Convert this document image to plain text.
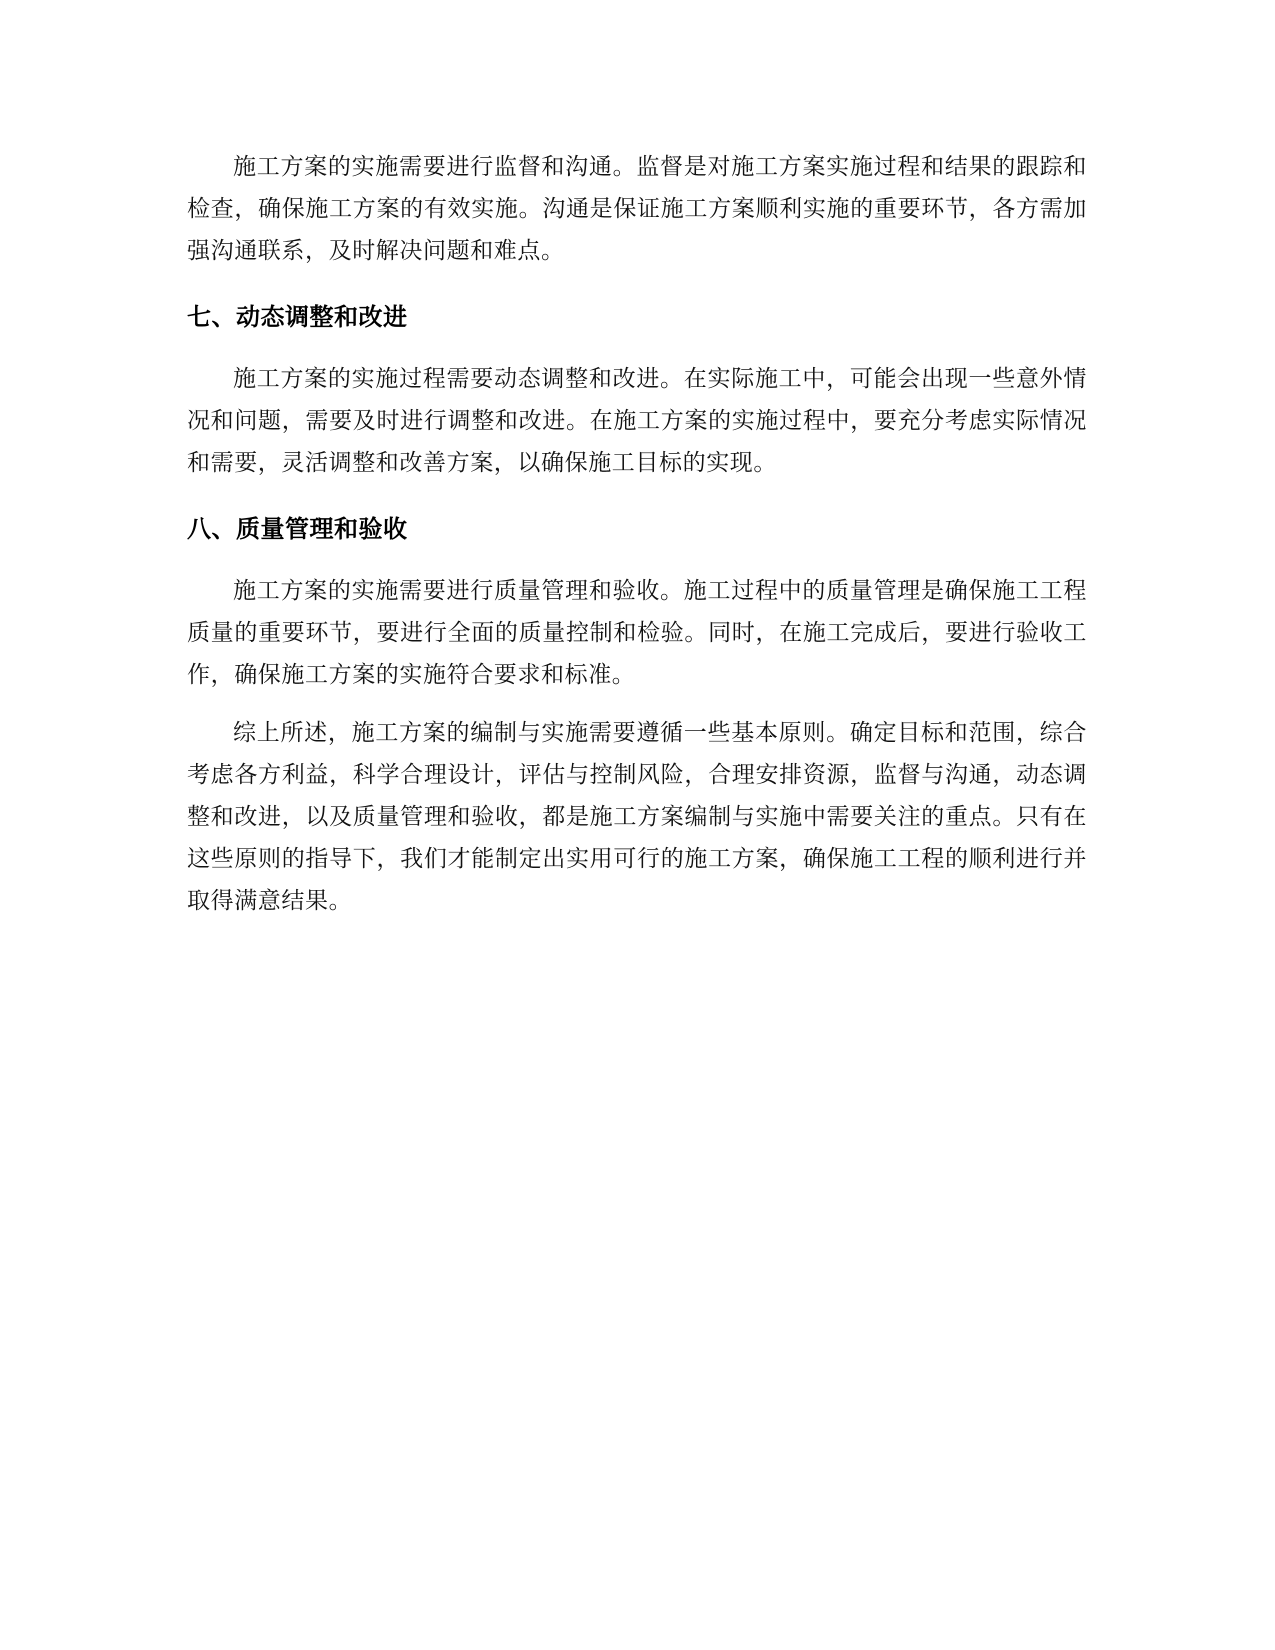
施工方案的实施需要进行监督和沟通。监督是对施工方案实施过程和结果的跟踪和检查，确保施工方案的有效实施。沟通是保证施工方案顺利实施的重要环节，各方需加强沟通联系，及时解决问题和难点。

七、动态调整和改进

施工方案的实施过程需要动态调整和改进。在实际施工中，可能会出现一些意外情况和问题，需要及时进行调整和改进。在施工方案的实施过程中，要充分考虑实际情况和需要，灵活调整和改善方案，以确保施工目标的实现。

八、质量管理和验收

施工方案的实施需要进行质量管理和验收。施工过程中的质量管理是确保施工工程质量的重要环节，要进行全面的质量控制和检验。同时，在施工完成后，要进行验收工作，确保施工方案的实施符合要求和标准。

综上所述，施工方案的编制与实施需要遵循一些基本原则。确定目标和范围，综合考虑各方利益，科学合理设计，评估与控制风险，合理安排资源，监督与沟通，动态调整和改进，以及质量管理和验收，都是施工方案编制与实施中需要关注的重点。只有在这些原则的指导下，我们才能制定出实用可行的施工方案，确保施工工程的顺利进行并取得满意结果。
